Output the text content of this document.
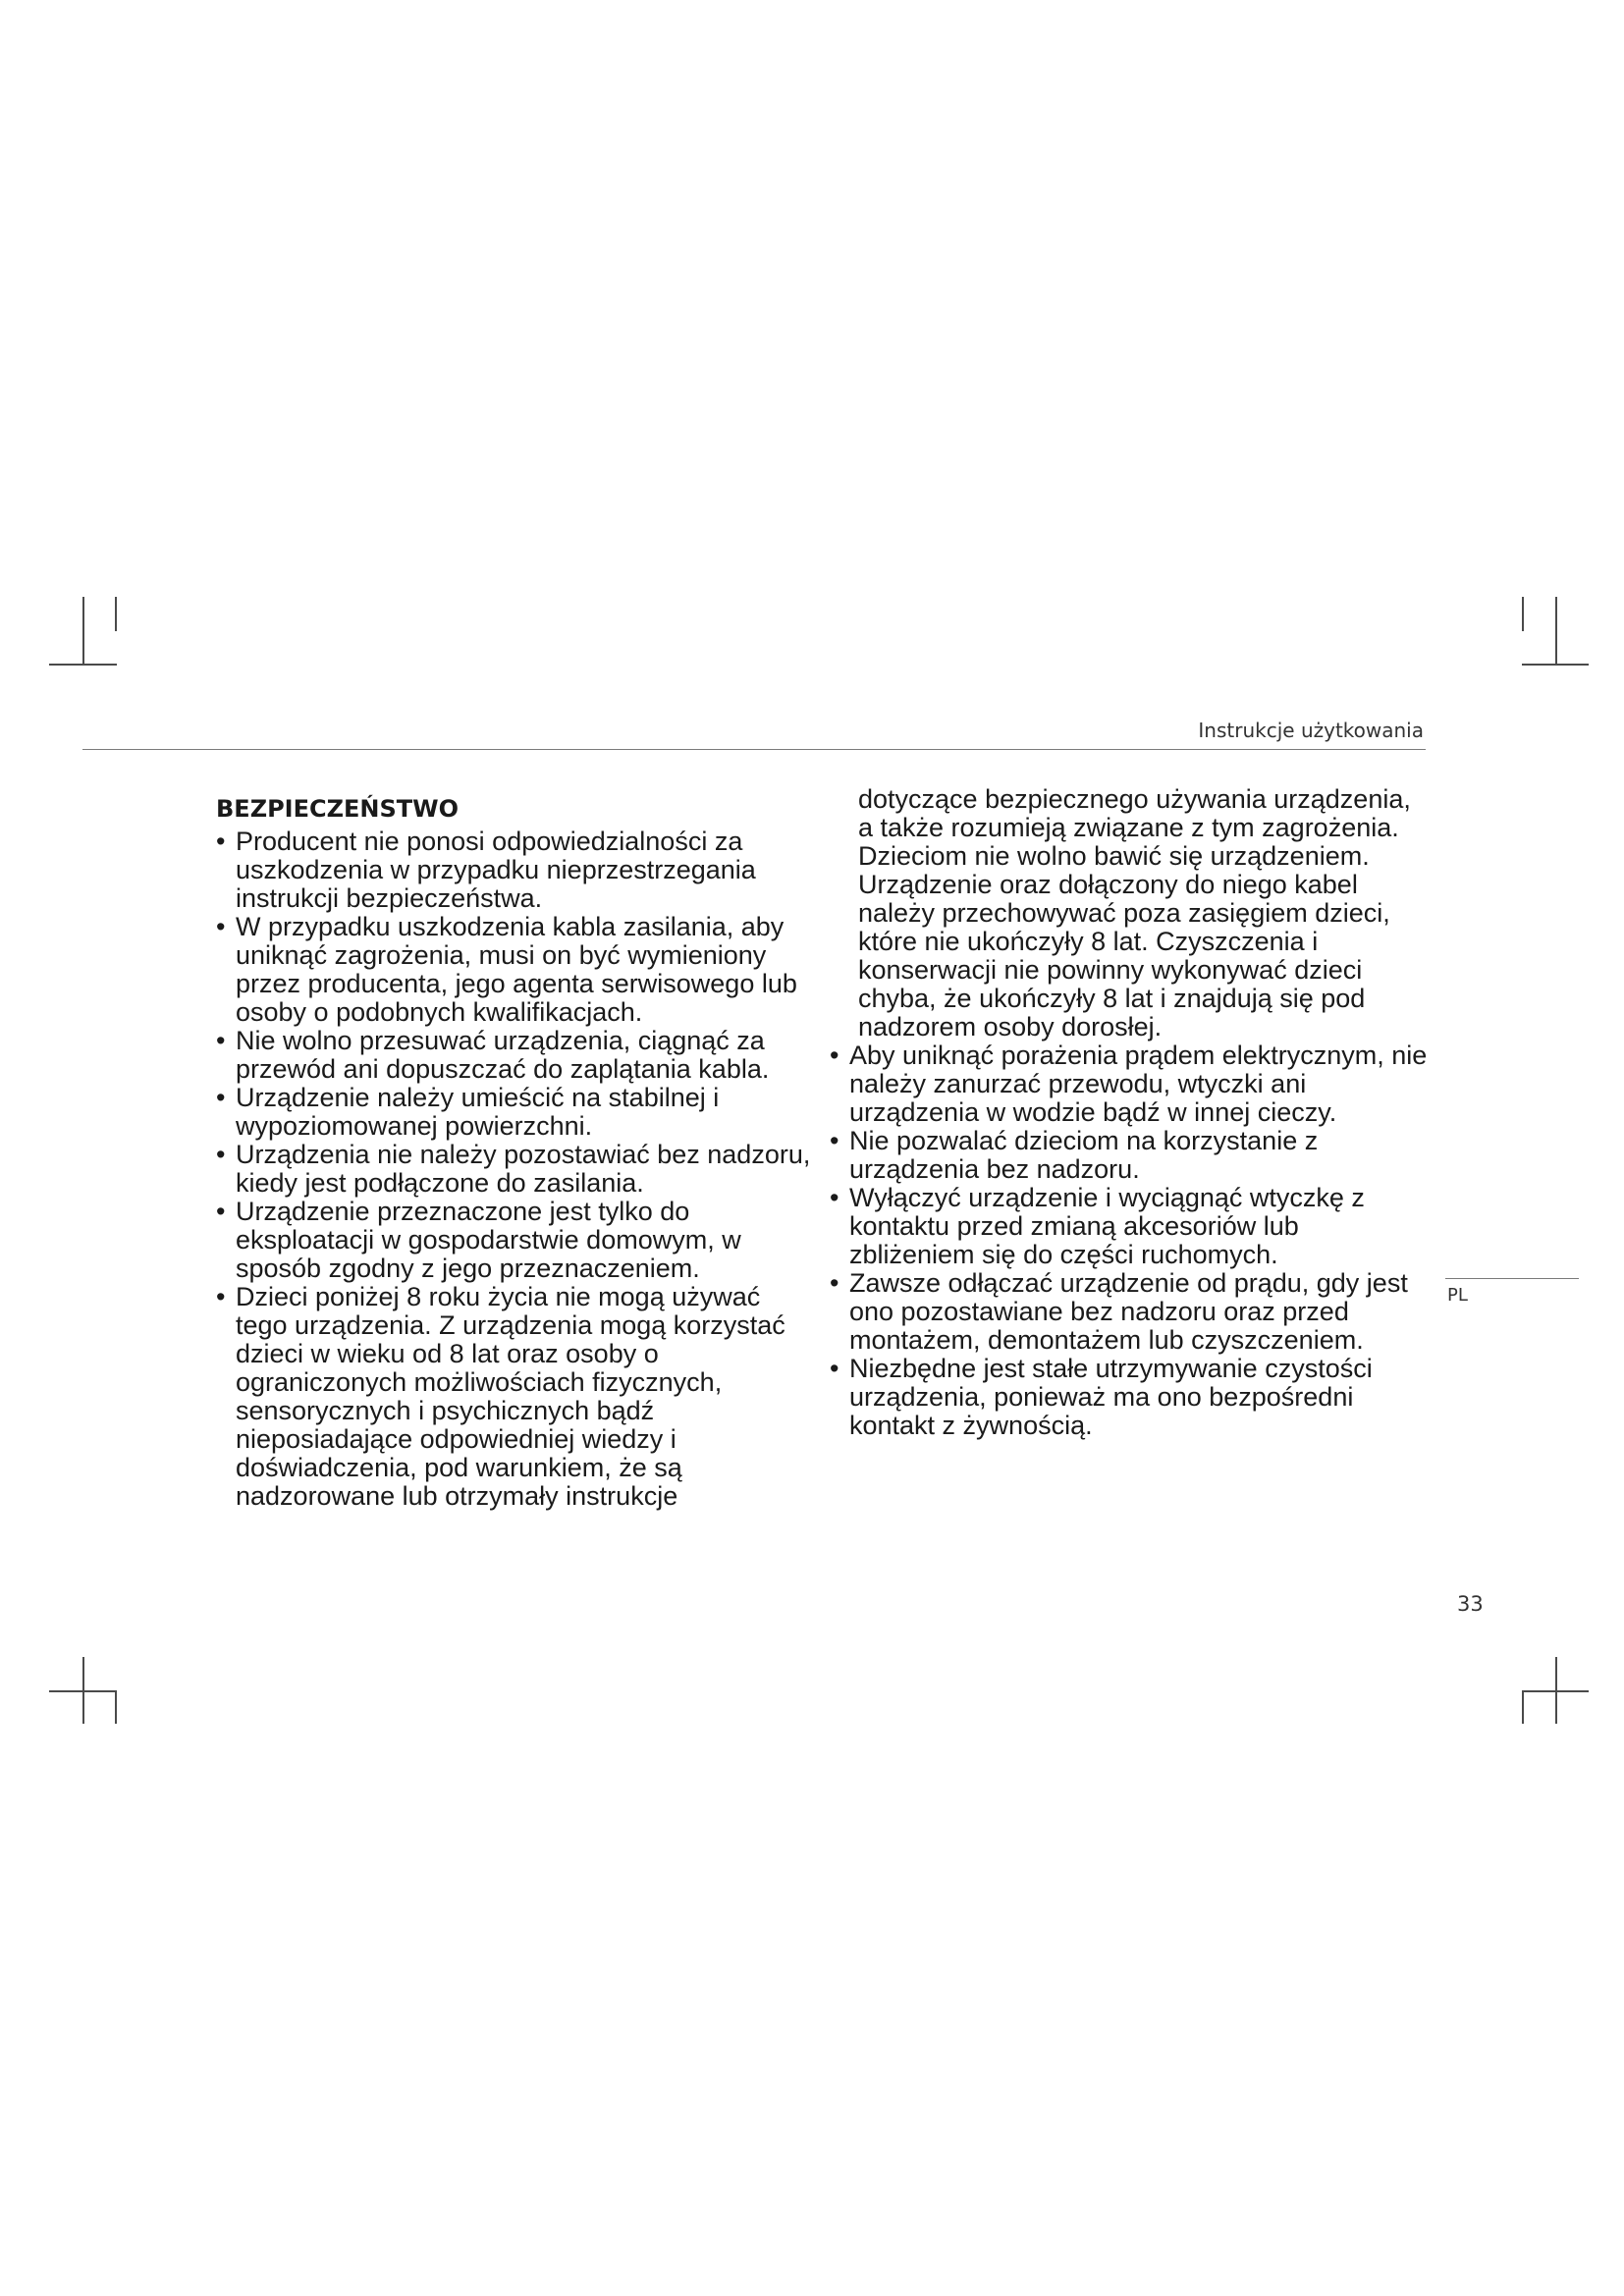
Instrukcje użytkowania
BEZPIECZEŃSTWO
• Producent nie ponosi odpowiedzialności za uszkodzenia w przypadku nieprzestrzegania instrukcji bezpieczeństwa.
• W przypadku uszkodzenia kabla zasilania, aby uniknąć zagrożenia, musi on być wymieniony przez producenta, jego agenta serwisowego lub osoby o podobnych kwalifikacjach.
• Nie wolno przesuwać urządzenia, ciągnąć za przewód ani dopuszczać do zaplątania kabla.
• Urządzenie należy umieścić na stabilnej i wypoziomowanej powierzchni.
• Urządzenia nie należy pozostawiać bez nadzoru, kiedy jest podłączone do zasilania.
• Urządzenie przeznaczone jest tylko do eksploatacji w gospodarstwie domowym, w sposób zgodny z jego przeznaczeniem.
• Dzieci poniżej 8 roku życia nie mogą używać tego urządzenia. Z urządzenia mogą korzystać dzieci w wieku od 8 lat oraz osoby o ograniczonych możliwościach fizycznych, sensorycznych i psychicznych bądź nieposiadające odpowiedniej wiedzy i doświadczenia, pod warunkiem, że są nadzorowane lub otrzymały instrukcje

dotyczące bezpiecznego używania urządzenia, a także rozumieją związane z tym zagrożenia. Dzieciom nie wolno bawić się urządzeniem. Urządzenie oraz dołączony do niego kabel należy przechowywać poza zasięgiem dzieci, które nie ukończyły 8 lat. Czyszczenia i konserwacji nie powinny wykonywać dzieci chyba, że ukończyły 8 lat i znajdują się pod nadzorem osoby dorosłej.

• Aby uniknąć porażenia prądem elektrycznym, nie należy zanurzać przewodu, wtyczki ani urządzenia w wodzie bądź w innej cieczy.
• Nie pozwalać dzieciom na korzystanie z urządzenia bez nadzoru.
• Wyłączyć urządzenie i wyciągnąć wtyczkę z kontaktu przed zmianą akcesoriów lub zbliżeniem się do części ruchomych.
• Zawsze odłączać urządzenie od prądu, gdy jest ono pozostawiane bez nadzoru oraz przed montażem, demontażem lub czyszczeniem.
• Niezbędne jest stałe utrzymywanie czystości urządzenia, ponieważ ma ono bezpośredni kontakt z żywnością.
PL
33
